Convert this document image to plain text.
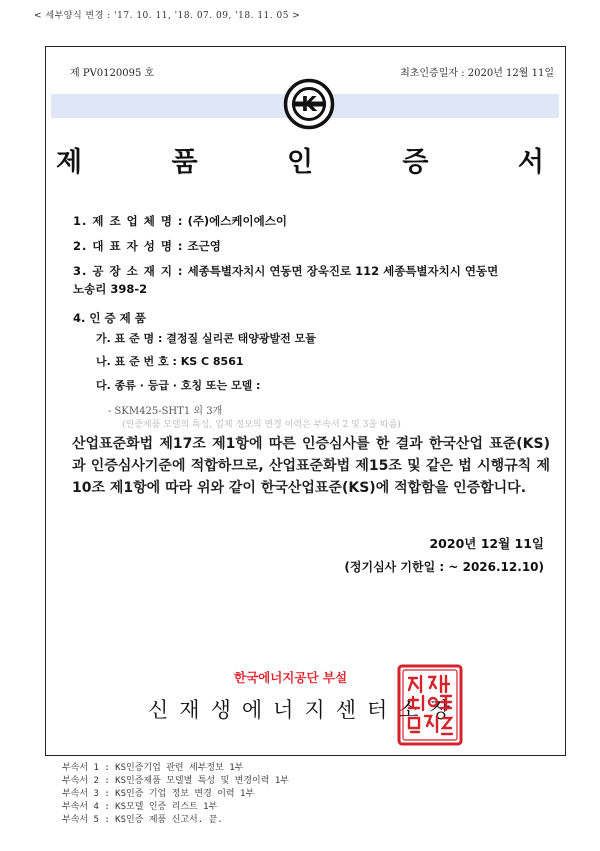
< 세부양식 변경 : '17. 10. 11, '18. 07. 09, '18. 11. 05 >
제 PV0120095 호	최초인증일자 : 2020년 12월 11일
K
제 품 인 증 서
1. 제 조 업 체 명 : (주)에스케이에스이
2. 대 표 자 성 명 : 조근영
3. 공 장 소 재 지 : 세종특별자치시 연동면 장욱진로 112 세종특별자치시 연동면
노송리 398-2
4. 인 증 제 품
가. 표 준 명 : 결정질 실리콘 태양광발전 모듈
나. 표 준 번 호 : KS C 8561
다. 종류 · 등급 · 호칭 또는 모델 :
- SKM425-SHT1 외 3개
(인증제품 모델의 특성, 업체 정보의 변경 이력은 부속서 2 및 3을 따름)
산업표준화법 제17조 제1항에 따른 인증심사를 한 결과 한국산업 표준(KS)과 인증심사기준에 적합하므로, 산업표준화법 제15조 및 같은 법 시행규칙 제10조 제1항에 따라 위와 같이 한국산업표준(KS)에 적합함을 인증합니다.
2020년 12월 11일
(정기심사 기한일 : ~ 2026.12.10)
한국에너지공단 부설
신재생에너지센터소장
부속서 1 : KS인증기업 관련 세부정보 1부
부속서 2 : KS인증제품 모델별 특성 및 변경이력 1부
부속서 3 : KS인증 기업 정보 변경 이력 1부
부속서 4 : KS모델 인증 리스트 1부
부속서 5 : KS인증 제품 신고서. 끝.
